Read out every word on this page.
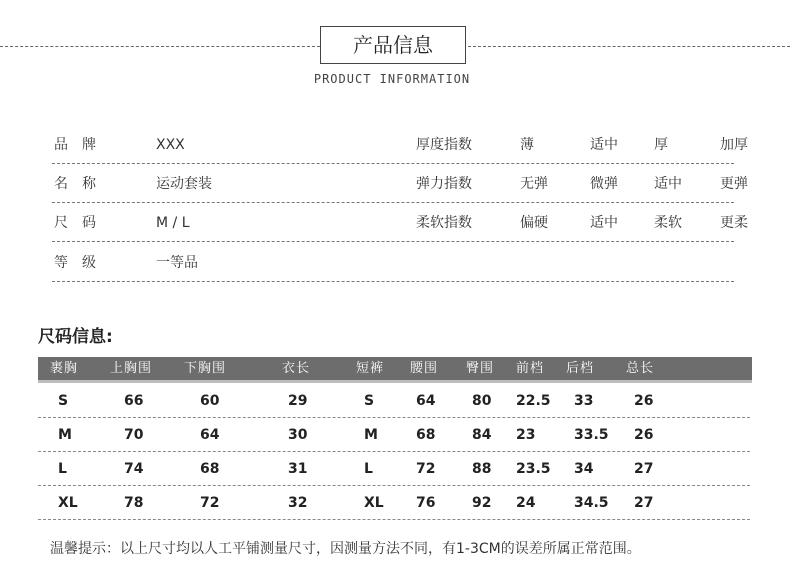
产品信息
PRODUCT INFORMATION
品牌	XXX	厚度指数	薄	适中	厚	加厚
名称	运动套装	弹力指数	无弹	微弹	适中	更弹
尺码	M / L	柔软指数	偏硬	适中	柔软	更柔
等级	一等品
尺码信息:
裹胸 上胸围 下胸围	衣长	短裤 腰围 臀围 前档 后档 总长
S	66	60	29	S	64	80 22.5 33	26
M	70	64	30	M	68	84 23	33.5 26
L	74	68	31	L	72	88 23.5 34	27
XL	78	72	32	XL 76	92 24	34.5 27
温馨提示：以上尺寸均以人工平铺测量尺寸，因测量方法不同，有1-3CM的误差所属正常范围。
